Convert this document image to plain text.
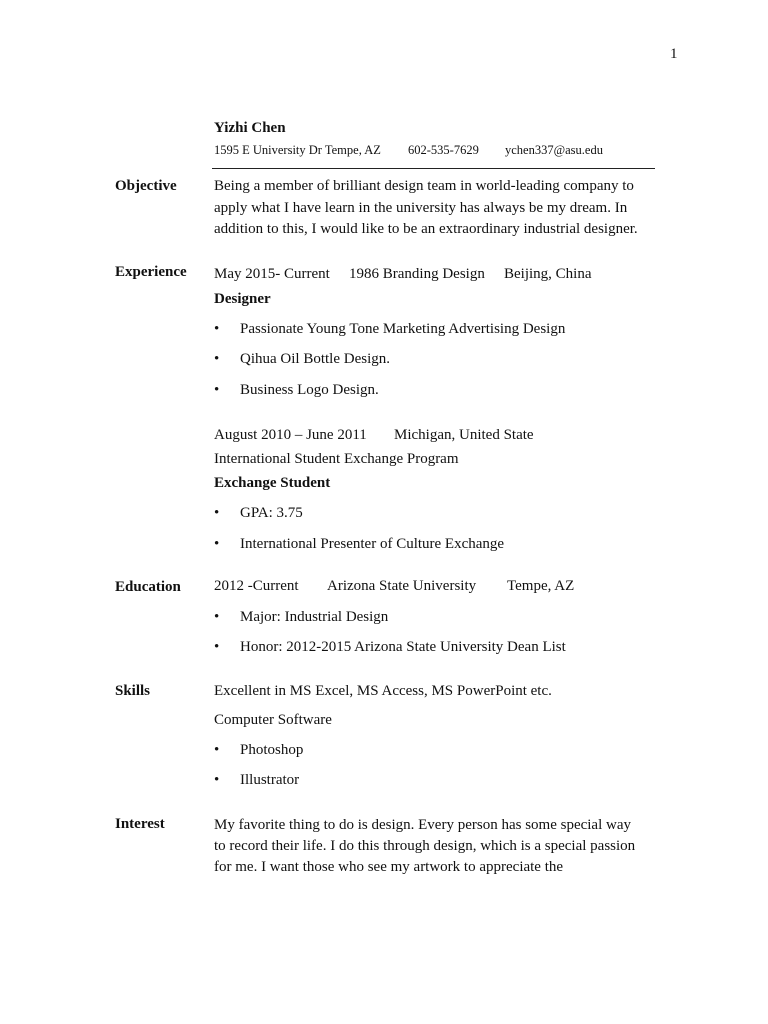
1
Yizhi Chen
1595 E University Dr Tempe, AZ 602-535-7629 ychen337@asu.edu
Objective Being a member of brilliant design team in world-leading company to
apply what I have learn in the university has always be my dream. In
addition to this, I would like to be an extraordinary industrial designer.
Experience May 2015- Current 1986 Branding Design Beijing, China
Designer
• Passionate Young Tone Marketing Advertising Design
• Qihua Oil Bottle Design.
• Business Logo Design.
August 2010 – June 2011 Michigan, United State
International Student Exchange Program
Exchange Student
• GPA: 3.75
• International Presenter of Culture Exchange
Education 2012 -Current Arizona State University Tempe, AZ
• Major: Industrial Design
• Honor: 2012-2015 Arizona State University Dean List
Skills	Excellent in MS Excel, MS Access, MS PowerPoint etc.
Computer Software
• Photoshop
• Illustrator
Interest	My favorite thing to do is design. Every person has some special way
to record their life. I do this through design, which is a special passion
for me. I want those who see my artwork to appreciate the
